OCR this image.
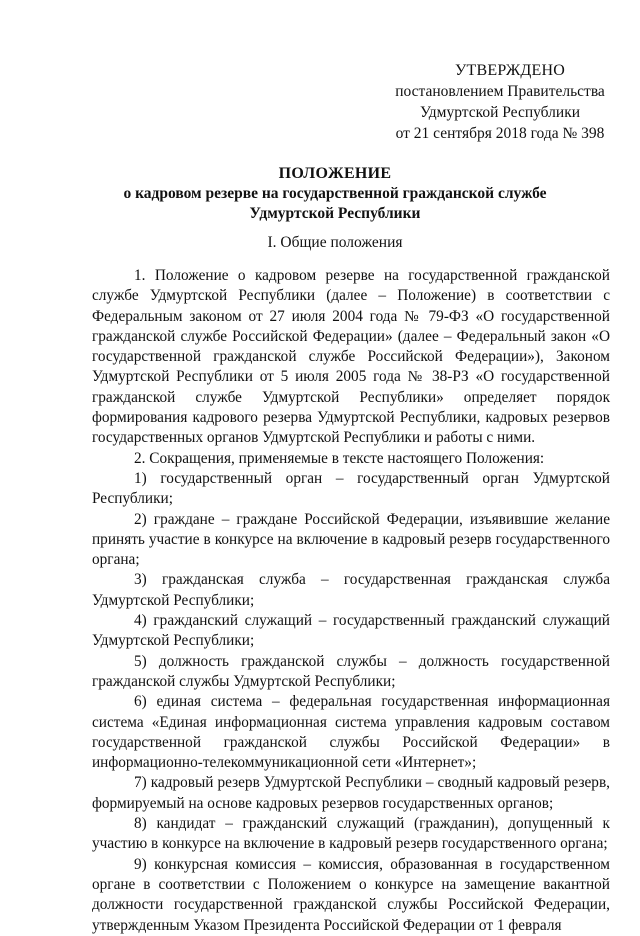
УТВЕРЖДЕНО
постановлением Правительства
Удмуртской Республики
от 21 сентября 2018 года № 398
ПОЛОЖЕНИЕ
о кадровом резерве на государственной гражданской службе
Удмуртской Республики
I. Общие положения

1. Положение о кадровом резерве на государственной гражданской службе Удмуртской Республики (далее – Положение) в соответствии с Федеральным законом от 27 июля 2004 года № 79-ФЗ «О государственной гражданской службе Российской Федерации» (далее – Федеральный закон «О государственной гражданской службе Российской Федерации»), Законом Удмуртской Республики от 5 июля 2005 года № 38-РЗ «О государственной гражданской службе Удмуртской Республики» определяет порядок формирования кадрового резерва Удмуртской Республики, кадровых резервов государственных органов Удмуртской Республики и работы с ними.

2. Сокращения, применяемые в тексте настоящего Положения:

1) государственный орган – государственный орган Удмуртской Республики;

2) граждане – граждане Российской Федерации, изъявившие желание принять участие в конкурсе на включение в кадровый резерв государственного органа;

3) гражданская служба – государственная гражданская служба Удмуртской Республики;

4) гражданский служащий – государственный гражданский служащий Удмуртской Республики;

5) должность гражданской службы – должность государственной гражданской службы Удмуртской Республики;

6) единая система – федеральная государственная информационная система «Единая информационная система управления кадровым составом государственной гражданской службы Российской Федерации» в информационно-телекоммуникационной сети «Интернет»;

7) кадровый резерв Удмуртской Республики – сводный кадровый резерв, формируемый на основе кадровых резервов государственных органов;

8) кандидат – гражданский служащий (гражданин), допущенный к участию в конкурсе на включение в кадровый резерв государственного органа;

9) конкурсная комиссия – комиссия, образованная в государственном органе в соответствии с Положением о конкурсе на замещение вакантной должности государственной гражданской службы Российской Федерации, утвержденным Указом Президента Российской Федерации от 1 февраля
